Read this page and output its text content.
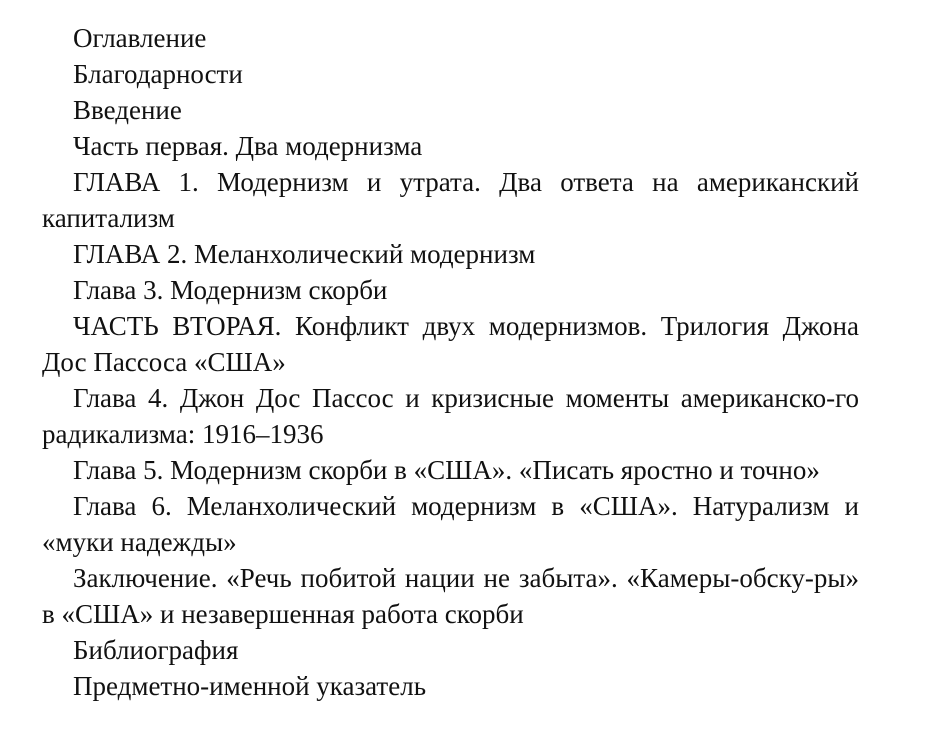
Оглавление
Благодарности
Введение
Часть первая. Два модернизма
ГЛАВА 1. Модернизм и утрата. Два ответа на американский капитализм
ГЛАВА 2. Меланхолический модернизм
Глава 3. Модернизм скорби
ЧАСТЬ ВТОРАЯ. Конфликт двух модернизмов. Трилогия Джона Дос Пассоса «США»
Глава 4. Джон Дос Пассос и кризисные моменты американско-го радикализма: 1916–1936
Глава 5. Модернизм скорби в «США». «Писать яростно и точно»
Глава 6. Меланхолический модернизм в «США». Натурализм и «муки надежды»
Заключение. «Речь побитой нации не забыта». «Камеры-обску-ры» в «США» и незавершенная работа скорби
Библиография
Предметно-именной указатель
